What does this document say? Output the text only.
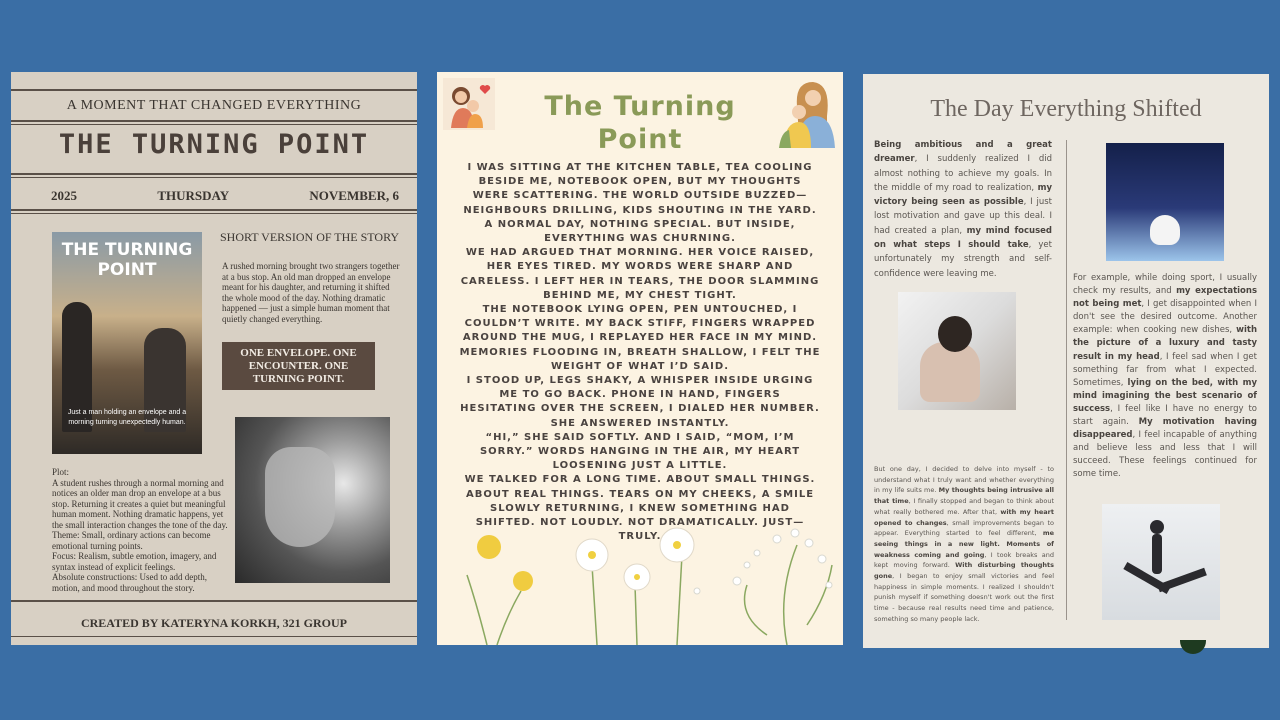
A MOMENT THAT CHANGED EVERYTHING
THE TURNING POINT
2025	THURSDAY	NOVEMBER, 6
THE TURNING POINT
Just a man holding an envelope and a morning turning unexpectedly human.
SHORT VERSION OF THE STORY
A rushed morning brought two strangers together at a bus stop. An old man dropped an envelope meant for his daughter, and returning it shifted the whole mood of the day. Nothing dramatic happened — just a simple human moment that quietly changed everything.
ONE ENVELOPE. ONE ENCOUNTER. ONE TURNING POINT.
Plot:
A student rushes through a normal morning and notices an older man drop an envelope at a bus stop. Returning it creates a quiet but meaningful human moment. Nothing dramatic happens, yet the small interaction changes the tone of the day.
Theme: Small, ordinary actions can become emotional turning points.
Focus: Realism, subtle emotion, imagery, and syntax instead of explicit feelings.
Absolute constructions: Used to add depth, motion, and mood throughout the story.
CREATED BY KATERYNA KORKH, 321 GROUP
The Turning Point

I WAS SITTING AT THE KITCHEN TABLE, TEA COOLING BESIDE ME, NOTEBOOK OPEN, BUT MY THOUGHTS WERE SCATTERING. THE WORLD OUTSIDE BUZZED—NEIGHBOURS DRILLING, KIDS SHOUTING IN THE YARD. A NORMAL DAY, NOTHING SPECIAL. BUT INSIDE, EVERYTHING WAS CHURNING.

WE HAD ARGUED THAT MORNING. HER VOICE RAISED, HER EYES TIRED. MY WORDS WERE SHARP AND CARELESS. I LEFT HER IN TEARS, THE DOOR SLAMMING BEHIND ME, MY CHEST TIGHT.

THE NOTEBOOK LYING OPEN, PEN UNTOUCHED, I COULDN’T WRITE. MY BACK STIFF, FINGERS WRAPPED AROUND THE MUG, I REPLAYED HER FACE IN MY MIND. MEMORIES FLOODING IN, BREATH SHALLOW, I FELT THE WEIGHT OF WHAT I’D SAID.

I STOOD UP, LEGS SHAKY, A WHISPER INSIDE URGING ME TO GO BACK. PHONE IN HAND, FINGERS HESITATING OVER THE SCREEN, I DIALED HER NUMBER. SHE ANSWERED INSTANTLY.

“HI,” SHE SAID SOFTLY. AND I SAID, “MOM, I’M SORRY.” WORDS HANGING IN THE AIR, MY HEART LOOSENING JUST A LITTLE.

WE TALKED FOR A LONG TIME. ABOUT SMALL THINGS. ABOUT REAL THINGS. TEARS ON MY CHEEKS, A SMILE SLOWLY RETURNING, I KNEW SOMETHING HAD SHIFTED. NOT LOUDLY. NOT DRAMATICALLY. JUST—TRULY.

The Day Everything Shifted
Being ambitious and a great dreamer, I suddenly realized I did almost nothing to achieve my goals. In the middle of my road to realization, my victory being seen as possible, I just lost motivation and gave up this deal. I had created a plan, my mind focused on what steps I should take, yet unfortunately my strength and self-confidence were leaving me.	For example, while doing sport, I usually check my results, and my expectations not being met, I get disappointed when I don't see the desired outcome. Another example: when cooking new dishes, with the picture of a luxury and tasty result in my head, I feel sad when I get something far from what I expected. Sometimes, lying on the bed, with my mind imagining the best scenario of success, I feel like I have no energy to start again. My motivation having disappeared, I feel incapable of anything and believe less and less that I will succeed. These feelings continued for some time.
But one day, I decided to delve into myself - to understand what I truly want and whether everything in my life suits me. My thoughts being intrusive all that time, I finally stopped and began to think about what really bothered me. After that, with my heart opened to changes, small improvements began to appear. Everything started to feel different, me seeing things in a new light. Moments of weakness coming and going, I took breaks and kept moving forward. With disturbing thoughts gone, I began to enjoy small victories and feel happiness in simple moments. I realized I shouldn't punish myself if something doesn't work out the first time - because real results need time and patience, something so many people lack.
